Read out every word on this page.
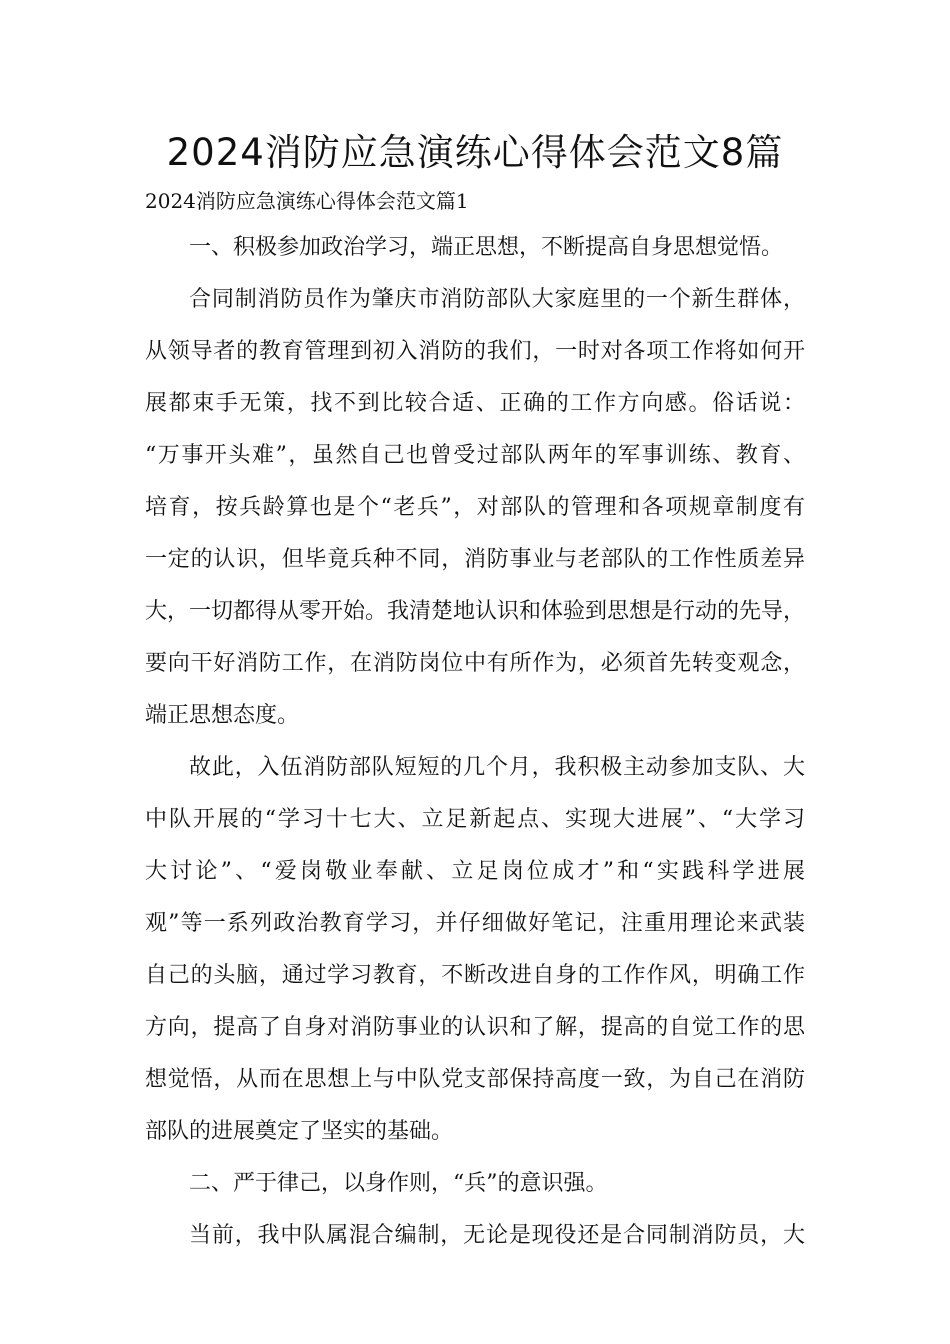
2024消防应急演练心得体会范文8篇

2024消防应急演练心得体会范文篇1

一、积极参加政治学习，端正思想，不断提高自身思想觉悟。
合同制消防员作为肇庆市消防部队大家庭里的一个新生群体，
从领导者的教育管理到初入消防的我们，一时对各项工作将如何开
展都束手无策，找不到比较合适、正确的工作方向感。俗话说：
“万事开头难”，虽然自己也曾受过部队两年的军事训练、教育、
培育，按兵龄算也是个“老兵”，对部队的管理和各项规章制度有
一定的认识，但毕竟兵种不同，消防事业与老部队的工作性质差异
大，一切都得从零开始。我清楚地认识和体验到思想是行动的先导，
要向干好消防工作，在消防岗位中有所作为，必须首先转变观念，
端正思想态度。
故此，入伍消防部队短短的几个月，我积极主动参加支队、大
中队开展的“学习十七大、立足新起点、实现大进展”、“大学习
大讨论”、“爱岗敬业奉献、立足岗位成才”和“实践科学进展
观”等一系列政治教育学习，并仔细做好笔记，注重用理论来武装
自己的头脑，通过学习教育，不断改进自身的工作作风，明确工作
方向，提高了自身对消防事业的认识和了解，提高的自觉工作的思
想觉悟，从而在思想上与中队党支部保持高度一致，为自己在消防
部队的进展奠定了坚实的基础。
二、严于律己，以身作则，“兵”的意识强。
当前，我中队属混合编制，无论是现役还是合同制消防员，大
